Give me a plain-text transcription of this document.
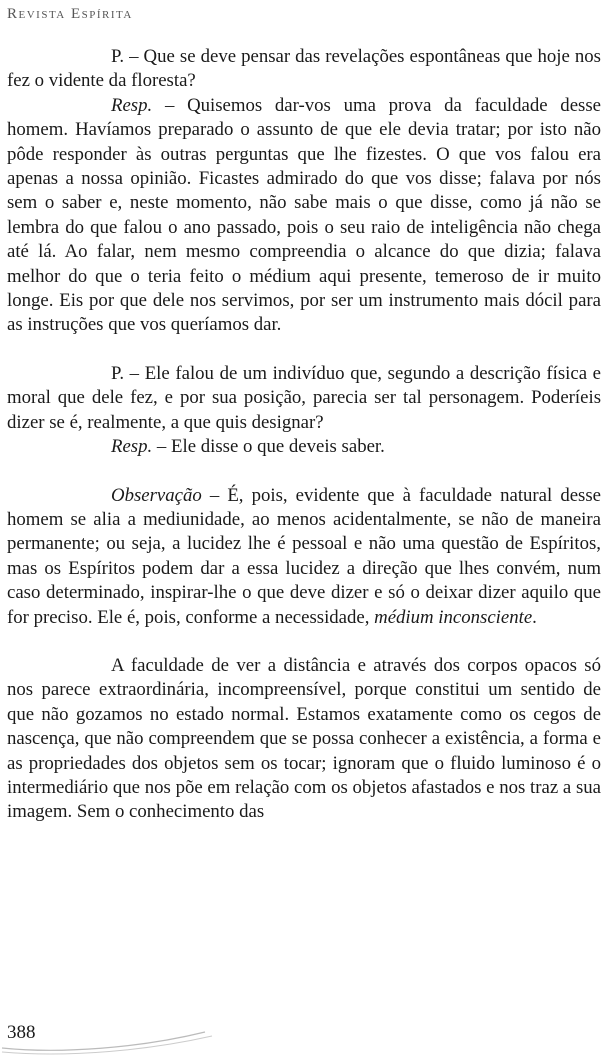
Revista Espírita

P. – Que se deve pensar das revelações espontâneas que hoje nos fez o vidente da floresta?

Resp. – Quisemos dar-vos uma prova da faculdade desse homem. Havíamos preparado o assunto de que ele devia tratar; por isto não pôde responder às outras perguntas que lhe fizestes. O que vos falou era apenas a nossa opinião. Ficastes admirado do que vos disse; falava por nós sem o saber e, neste momento, não sabe mais o que disse, como já não se lembra do que falou o ano passado, pois o seu raio de inteligência não chega até lá. Ao falar, nem mesmo compreendia o alcance do que dizia; falava melhor do que o teria feito o médium aqui presente, temeroso de ir muito longe. Eis por que dele nos servimos, por ser um instrumento mais dócil para as instruções que vos queríamos dar.

P. – Ele falou de um indivíduo que, segundo a descrição física e moral que dele fez, e por sua posição, parecia ser tal personagem. Poderíeis dizer se é, realmente, a que quis designar?

Resp. – Ele disse o que deveis saber.

Observação – É, pois, evidente que à faculdade natural desse homem se alia a mediunidade, ao menos acidentalmente, se não de maneira permanente; ou seja, a lucidez lhe é pessoal e não uma questão de Espíritos, mas os Espíritos podem dar a essa lucidez a direção que lhes convém, num caso determinado, inspirar-lhe o que deve dizer e só o deixar dizer aquilo que for preciso. Ele é, pois, conforme a necessidade, médium inconsciente.

A faculdade de ver a distância e através dos corpos opacos só nos parece extraordinária, incompreensível, porque constitui um sentido de que não gozamos no estado normal. Estamos exatamente como os cegos de nascença, que não compreendem que se possa conhecer a existência, a forma e as propriedades dos objetos sem os tocar; ignoram que o fluido luminoso é o intermediário que nos põe em relação com os objetos afastados e nos traz a sua imagem. Sem o conhecimento das

388
